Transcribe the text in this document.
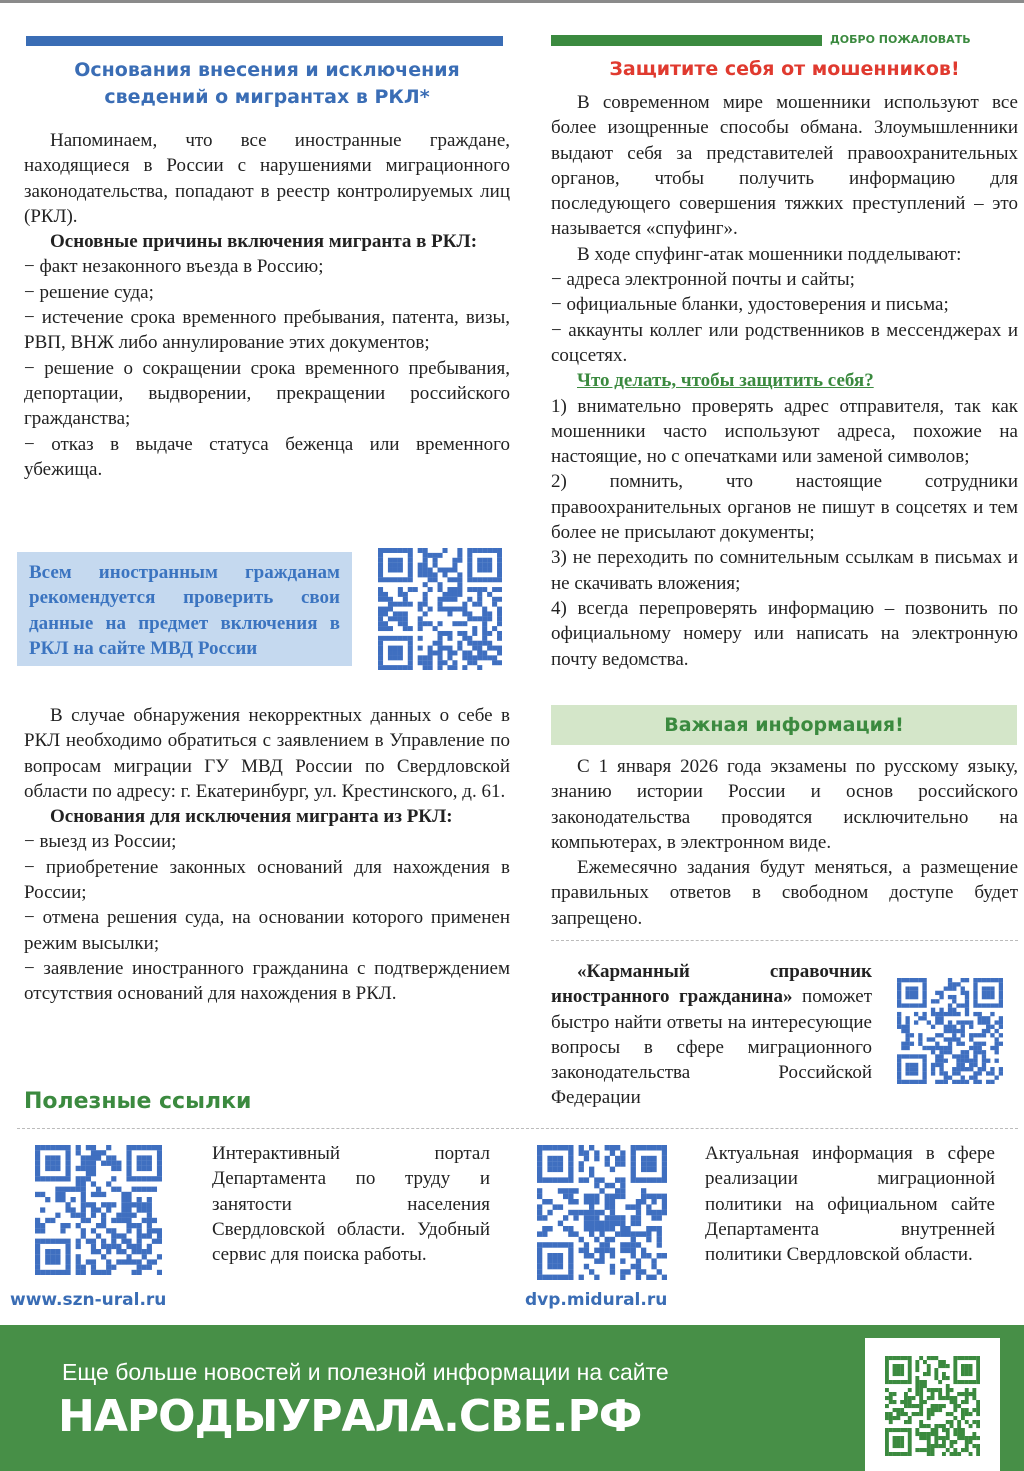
Основания внесения и исключения
сведений о мигрантах в РКЛ*

Напоминаем, что все иностранные граждане, находящиеся в России с нарушениями миграционного законодательства, попадают в реестр контролируемых лиц (РКЛ).

Основные причины включения мигранта в РКЛ:

− факт незаконного въезда в Россию;

− решение суда;

− истечение срока временного пребывания, патента, визы, РВП, ВНЖ либо аннулирование этих документов;

− решение о сокращении срока временного пребывания, депортации, выдворении, прекращении российского гражданства;

− отказ в выдаче статуса беженца или временного убежища.

Всем иностранным гражданам рекомендуется проверить свои данные на предмет включения в РКЛ на сайте МВД России

В случае обнаружения некорректных данных о себе в РКЛ необходимо обратиться с заявлением в Управление по вопросам миграции ГУ МВД России по Свердловской области по адресу: г. Екатеринбург, ул. Крестинского, д. 61.

Основания для исключения мигранта из РКЛ:

− выезд из России;

− приобретение законных оснований для нахождения в России;

− отмена решения суда, на основании которого применен режим высылки;

− заявление иностранного гражданина с подтверждением отсутствия оснований для нахождения в РКЛ.

ДОБРО ПОЖАЛОВАТЬ
Защитите себя от мошенников!

В современном мире мошенники используют все более изощренные способы обмана. Злоумышленники выдают себя за представителей правоохранительных органов, чтобы получить информацию для последующего совершения тяжких преступлений – это называется «спуфинг».

В ходе спуфинг-атак мошенники подделывают:

− адреса электронной почты и сайты;

− официальные бланки, удостоверения и письма;

− аккаунты коллег или родственников в мессенджерах и соцсетях.

Что делать, чтобы защитить себя?

1) внимательно проверять адрес отправителя, так как мошенники часто используют адреса, похожие на настоящие, но с опечатками или заменой символов;

2) помнить, что настоящие сотрудники правоохранительных органов не пишут в соцсетях и тем более не присылают документы;

3) не переходить по сомнительным ссылкам в письмах и не скачивать вложения;

4) всегда перепроверять информацию – позвонить по официальному номеру или написать на электронную почту ведомства.

Важная информация!

С 1 января 2026 года экзамены по русскому языку, знанию истории России и основ российского законодательства проводятся исключительно на компьютерах, в электронном виде.

Ежемесячно задания будут меняться, а размещение правильных ответов в свободном доступе будет запрещено.

«Карманный справочник иностранного гражданина» поможет быстро найти ответы на интересующие вопросы в сфере миграционного законодательства Российской Федерации

Полезные ссылки
www.szn-ural.ru
Интерактивный портал Департамента по труду и занятости населения Свердловской области. Удобный сервис для поиска работы.
dvp.midural.ru
Актуальная информация в сфере реализации миграционной политики на официальном сайте Департамента внутренней политики Свердловской области.
Еще больше новостей и полезной информации на сайте
НАРОДЫУРАЛА.СВЕ.РФ
